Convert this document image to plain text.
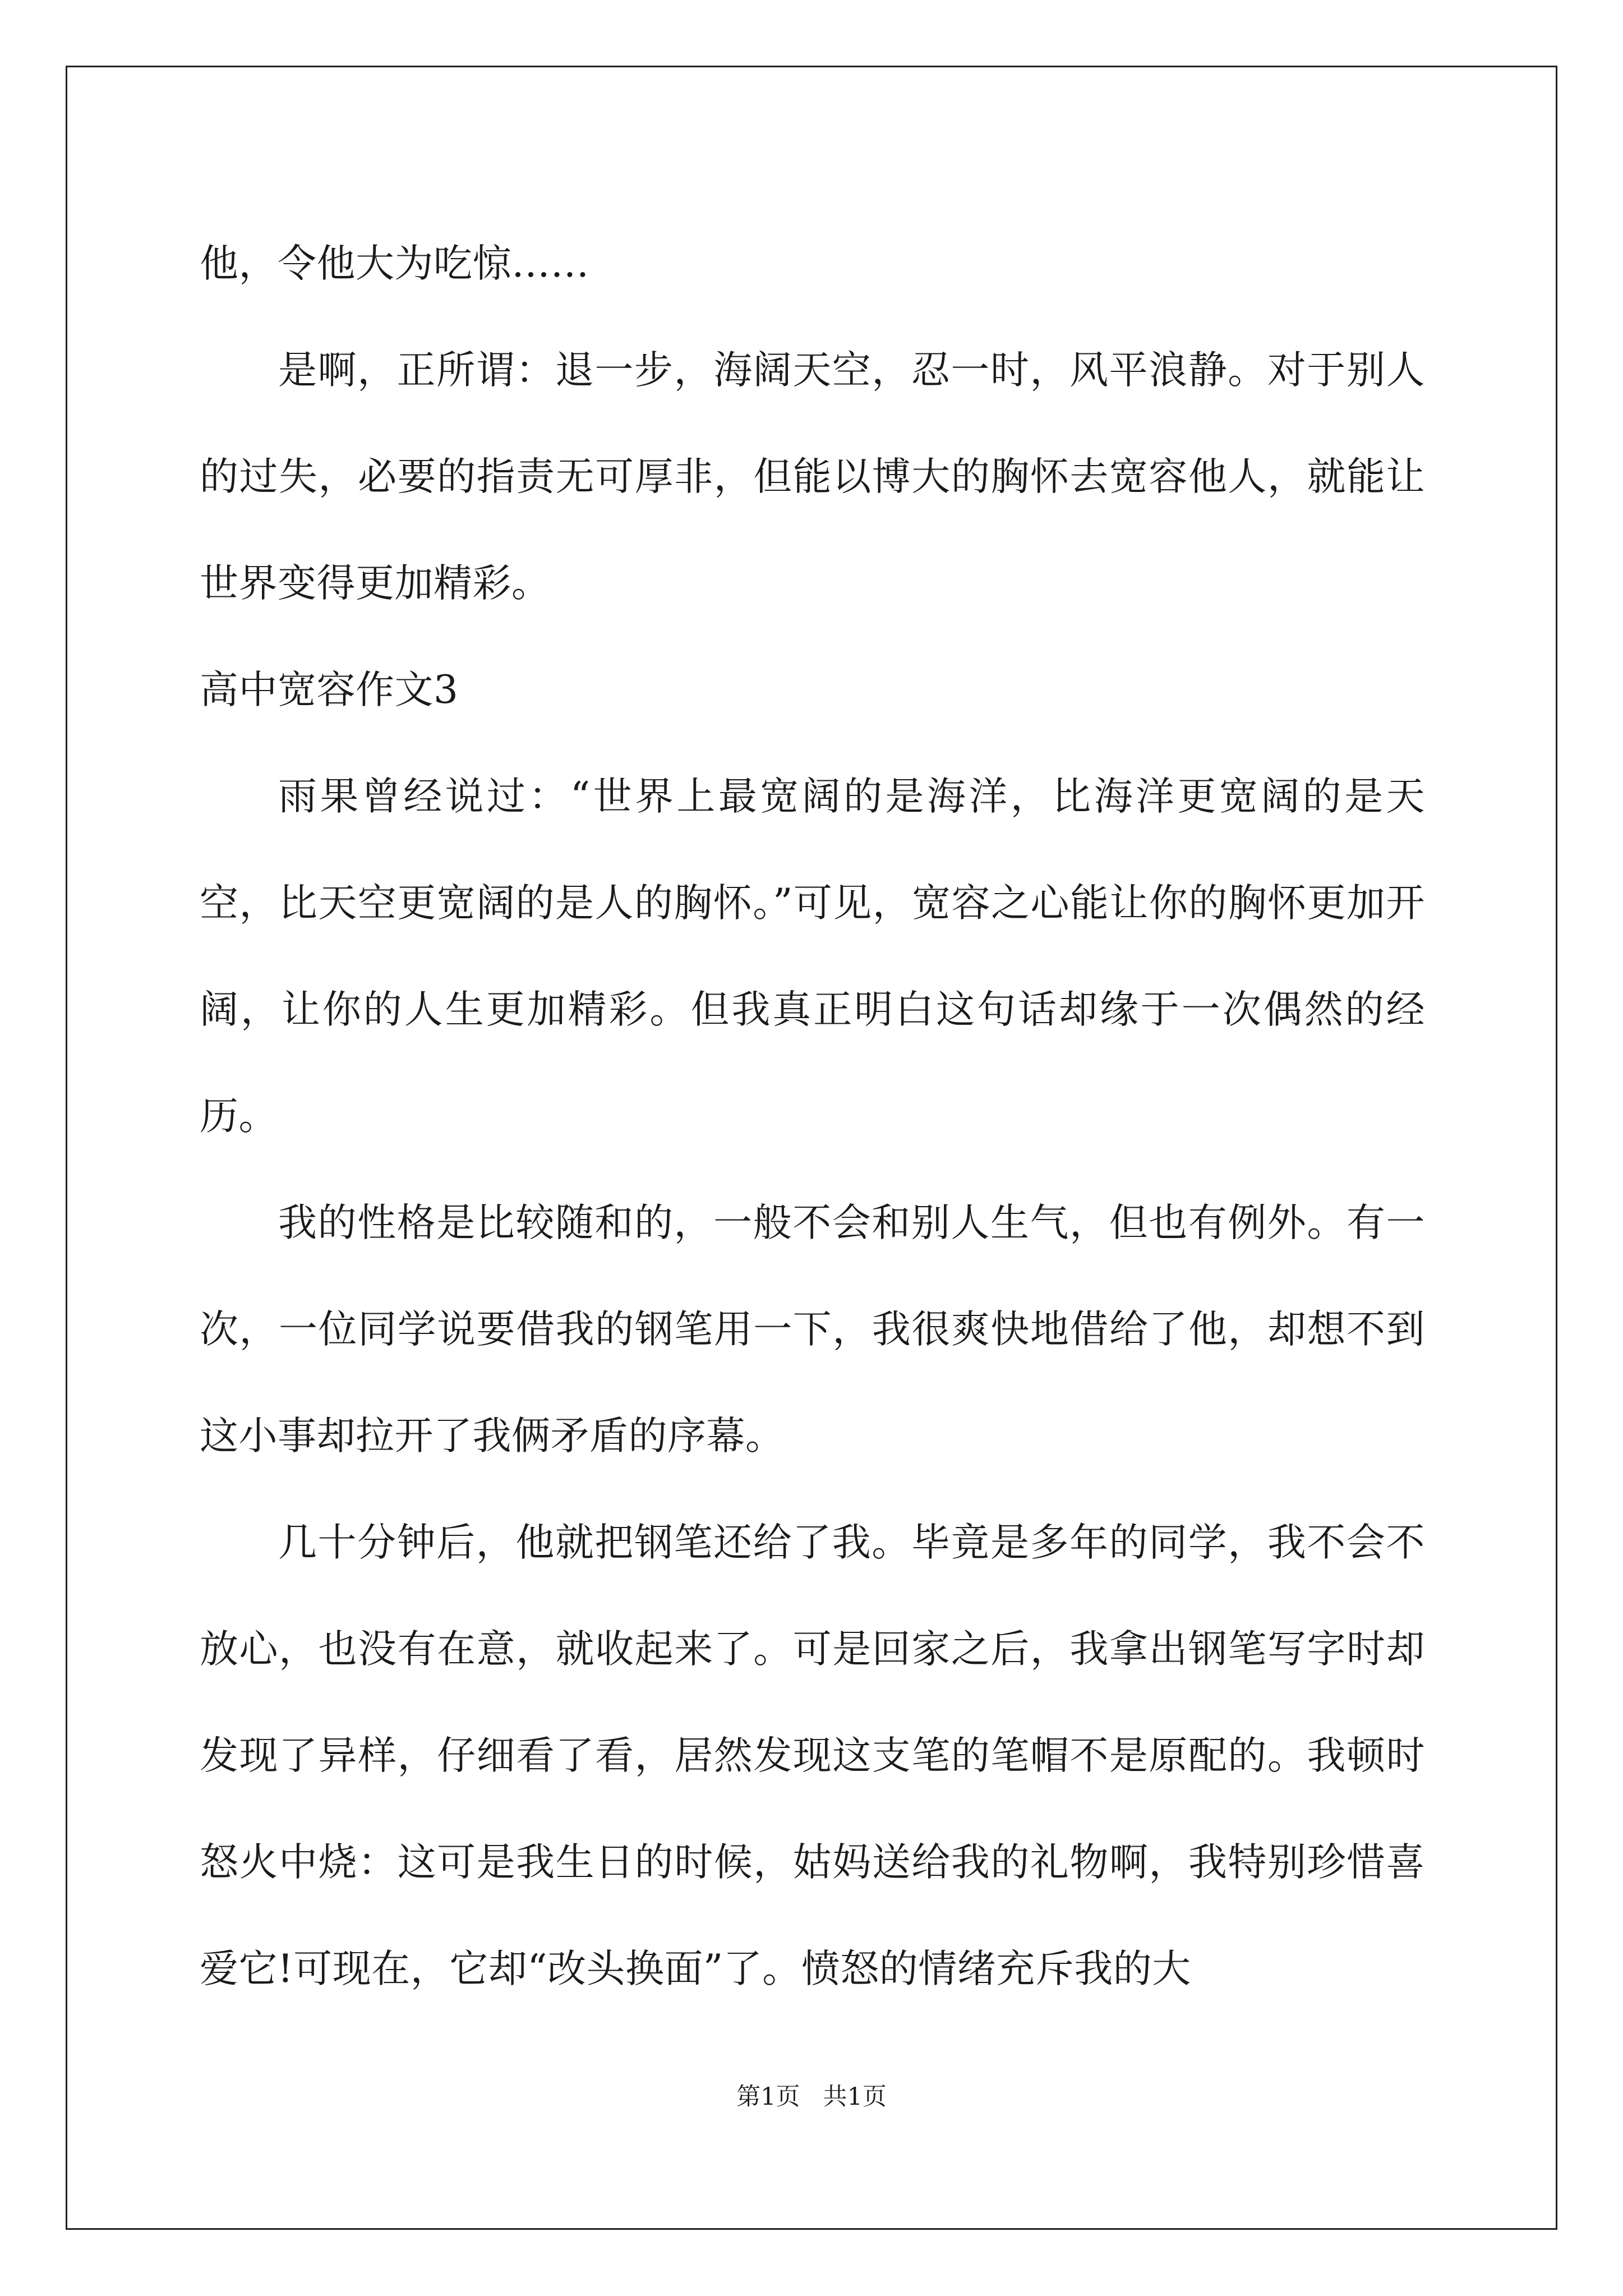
他，令他大为吃惊……

是啊，正所谓：退一步，海阔天空，忍一时，风平浪静。对于别人的过失，必要的指责无可厚非，但能以博大的胸怀去宽容他人，就能让世界变得更加精彩。

高中宽容作文3

雨果曾经说过：“世界上最宽阔的是海洋，比海洋更宽阔的是天空，比天空更宽阔的是人的胸怀。”可见，宽容之心能让你的胸怀更加开阔，让你的人生更加精彩。但我真正明白这句话却缘于一次偶然的经历。

我的性格是比较随和的，一般不会和别人生气，但也有例外。有一次，一位同学说要借我的钢笔用一下，我很爽快地借给了他，却想不到这小事却拉开了我俩矛盾的序幕。

几十分钟后，他就把钢笔还给了我。毕竟是多年的同学，我不会不放心，也没有在意，就收起来了。可是回家之后，我拿出钢笔写字时却发现了异样，仔细看了看，居然发现这支笔的笔帽不是原配的。我顿时怒火中烧：这可是我生日的时候，姑妈送给我的礼物啊，我特别珍惜喜爱它!可现在，它却“改头换面”了。愤怒的情绪充斥我的大

第1页   共1页
